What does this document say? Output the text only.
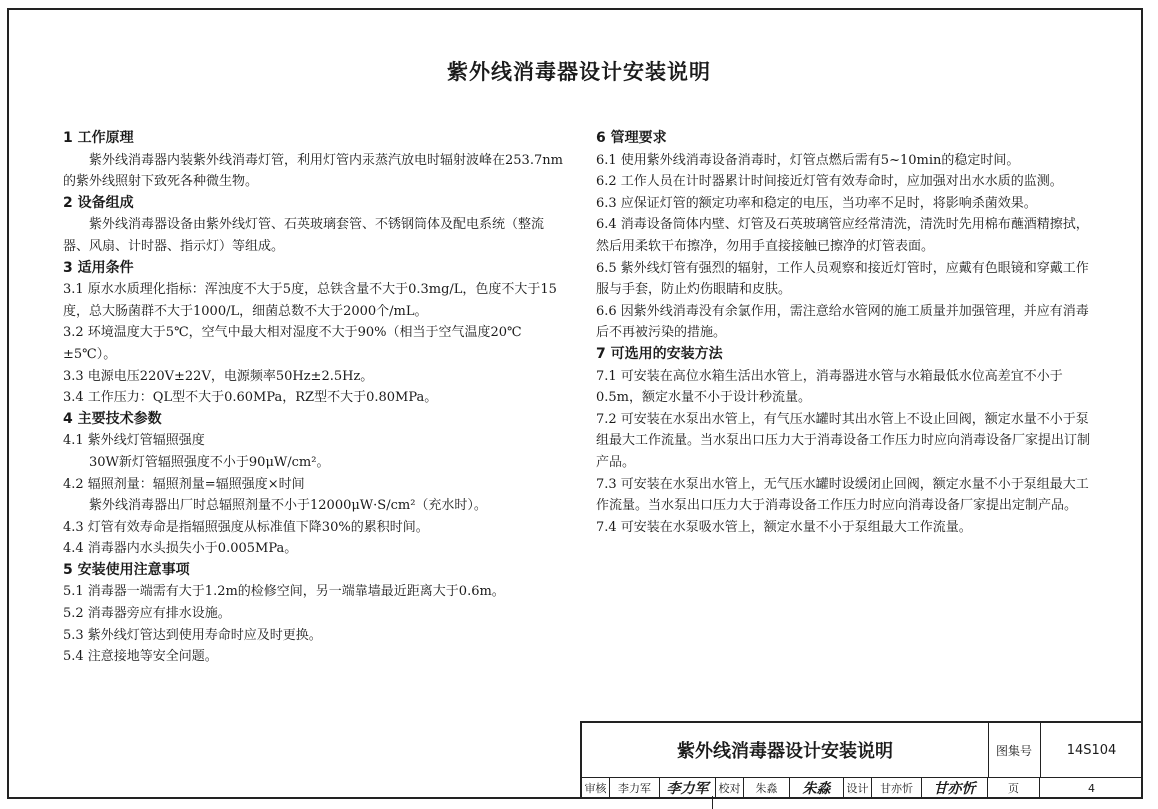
紫外线消毒器设计安装说明
1 工作原理
紫外线消毒器内装紫外线消毒灯管，利用灯管内汞蒸汽放电时辐射波峰在253.7nm的紫外线照射下致死各种微生物。
2 设备组成
紫外线消毒器设备由紫外线灯管、石英玻璃套管、不锈钢筒体及配电系统（整流器、风扇、计时器、指示灯）等组成。
3 适用条件
3.1 原水水质理化指标：浑浊度不大于5度，总铁含量不大于0.3mg/L，色度不大于15度，总大肠菌群不大于1000/L，细菌总数不大于2000个/mL。
3.2 环境温度大于5℃，空气中最大相对湿度不大于90%（相当于空气温度20℃±5℃）。
3.3 电源电压220V±22V，电源频率50Hz±2.5Hz。
3.4 工作压力：QL型不大于0.60MPa，RZ型不大于0.80MPa。
4 主要技术参数
4.1 紫外线灯管辐照强度
30W新灯管辐照强度不小于90μW/cm²。
4.2 辐照剂量：辐照剂量=辐照强度×时间
紫外线消毒器出厂时总辐照剂量不小于12000μW·S/cm²（充水时）。
4.3 灯管有效寿命是指辐照强度从标准值下降30%的累积时间。
4.4 消毒器内水头损失小于0.005MPa。
5 安装使用注意事项
5.1 消毒器一端需有大于1.2m的检修空间，另一端靠墙最近距离大于0.6m。
5.2 消毒器旁应有排水设施。
5.3 紫外线灯管达到使用寿命时应及时更换。
5.4 注意接地等安全问题。
6 管理要求
6.1 使用紫外线消毒设备消毒时，灯管点燃后需有5~10min的稳定时间。
6.2 工作人员在计时器累计时间接近灯管有效寿命时，应加强对出水水质的监测。
6.3 应保证灯管的额定功率和稳定的电压，当功率不足时，将影响杀菌效果。
6.4 消毒设备筒体内壁、灯管及石英玻璃管应经常清洗，清洗时先用棉布蘸酒精擦拭，然后用柔软干布擦净，勿用手直接接触已擦净的灯管表面。
6.5 紫外线灯管有强烈的辐射，工作人员观察和接近灯管时，应戴有色眼镜和穿戴工作服与手套，防止灼伤眼睛和皮肤。
6.6 因紫外线消毒没有余氯作用，需注意给水管网的施工质量并加强管理，并应有消毒后不再被污染的措施。
7 可选用的安装方法
7.1 可安装在高位水箱生活出水管上，消毒器进水管与水箱最低水位高差宜不小于0.5m，额定水量不小于设计秒流量。
7.2 可安装在水泵出水管上，有气压水罐时其出水管上不设止回阀，额定水量不小于泵组最大工作流量。当水泵出口压力大于消毒设备工作压力时应向消毒设备厂家提出订制产品。
7.3 可安装在水泵出水管上，无气压水罐时设缓闭止回阀，额定水量不小于泵组最大工作流量。当水泵出口压力大于消毒设备工作压力时应向消毒设备厂家提出定制产品。
7.4 可安装在水泵吸水管上，额定水量不小于泵组最大工作流量。
紫外线消毒器设计安装说明	图集号	14S104
审核	李力军	李力军 校对	朱淼	朱淼	设计	甘亦忻	甘亦忻	页	4
